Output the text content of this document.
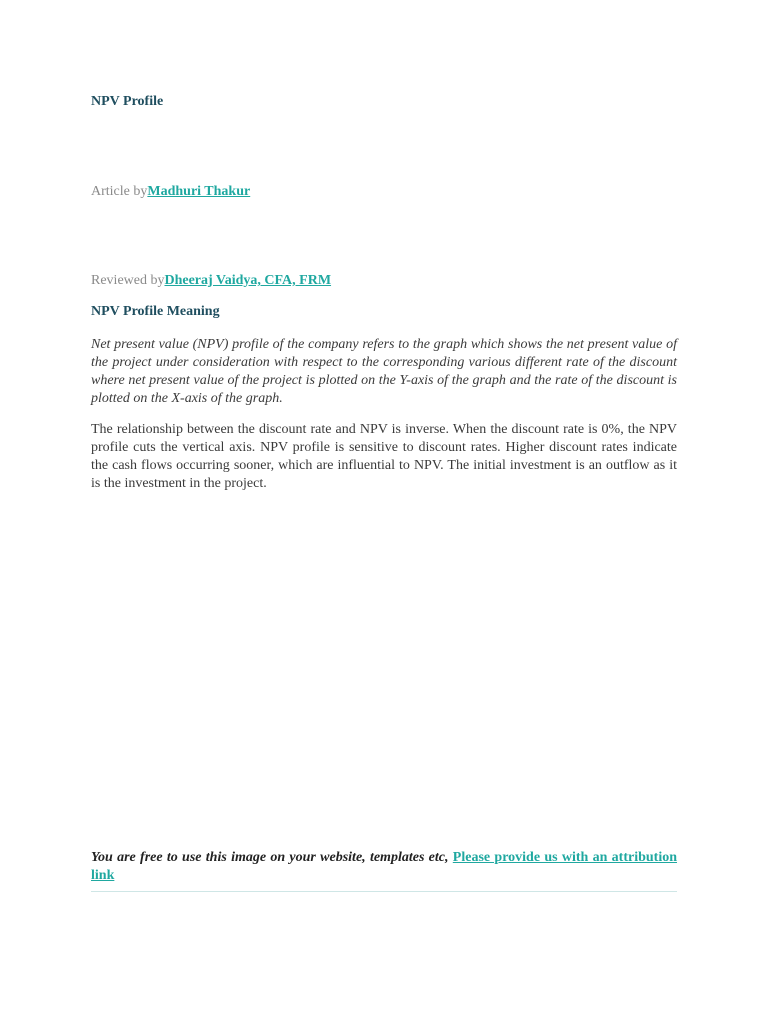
NPV Profile
Article byMadhuri Thakur
Reviewed byDheeraj Vaidya, CFA, FRM
NPV Profile Meaning
Net present value (NPV) profile of the company refers to the graph which shows the net present value of the project under consideration with respect to the corresponding various different rate of the discount where net present value of the project is plotted on the Y-axis of the graph and the rate of the discount is plotted on the X-axis of the graph.
The relationship between the discount rate and NPV is inverse. When the discount rate is 0%, the NPV profile cuts the vertical axis. NPV profile is sensitive to discount rates. Higher discount rates indicate the cash flows occurring sooner, which are influential to NPV. The initial investment is an outflow as it is the investment in the project.
You are free to use this image on your website, templates etc, Please provide us with an attribution link
